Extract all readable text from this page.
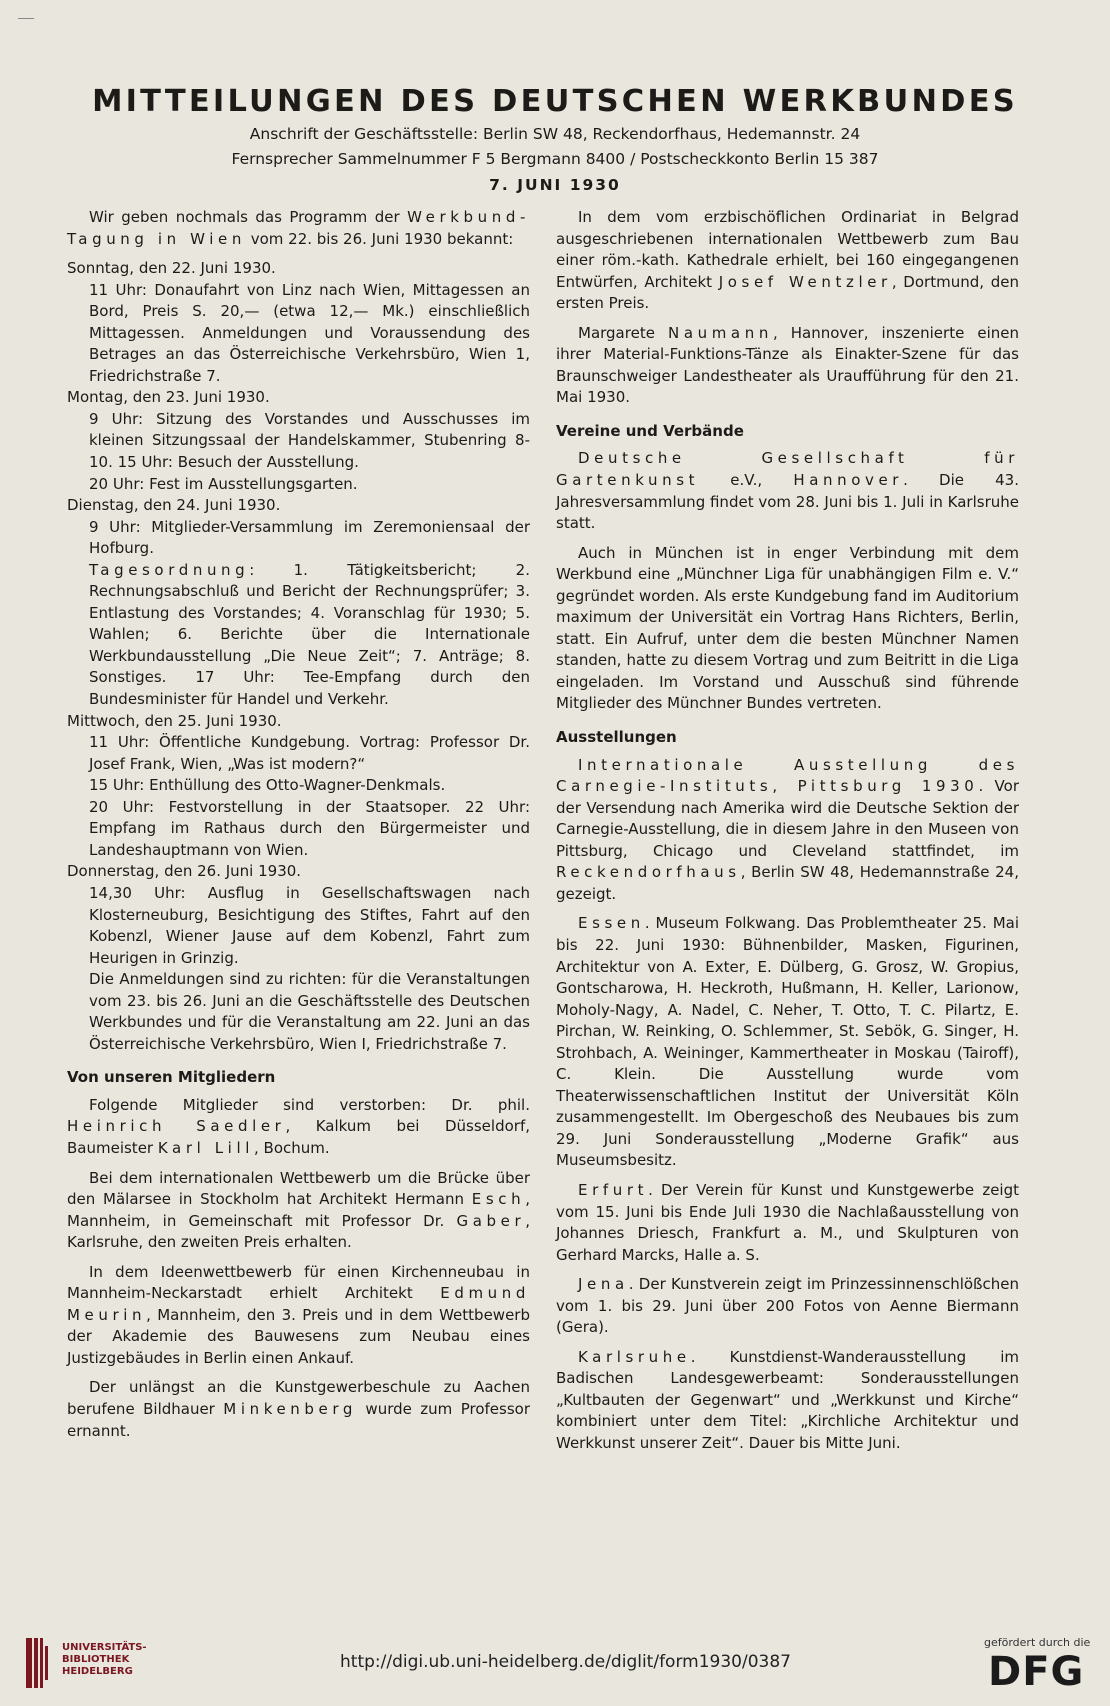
MITTEILUNGEN DES DEUTSCHEN WERKBUNDES
Anschrift der Geschäftsstelle: Berlin SW 48, Reckendorfhaus, Hedemannstr. 24
Fernsprecher Sammelnummer F 5 Bergmann 8400 / Postscheckkonto Berlin 15 387
7. JUNI 1930

Wir geben nochmals das Programm der Werkbund-Tagung in Wien vom 22. bis 26. Juni 1930 bekannt:

Sonntag, den 22. Juni 1930.

11 Uhr: Donaufahrt von Linz nach Wien, Mittagessen an Bord, Preis S. 20,— (etwa 12,— Mk.) einschließlich Mittagessen. Anmeldungen und Voraussendung des Betrages an das Österreichische Verkehrsbüro, Wien 1, Friedrichstraße 7.

Montag, den 23. Juni 1930.

9 Uhr: Sitzung des Vorstandes und Ausschusses im kleinen Sitzungssaal der Handelskammer, Stubenring 8-10. 15 Uhr: Besuch der Ausstellung.

20 Uhr: Fest im Ausstellungsgarten.

Dienstag, den 24. Juni 1930.

9 Uhr: Mitglieder-Versammlung im Zeremoniensaal der Hofburg.

Tagesordnung: 1. Tätigkeitsbericht; 2. Rechnungsabschluß und Bericht der Rechnungsprüfer; 3. Entlastung des Vorstandes; 4. Voranschlag für 1930; 5. Wahlen; 6. Berichte über die Internationale Werkbundausstellung „Die Neue Zeit“; 7. Anträge; 8. Sonstiges. 17 Uhr: Tee-Empfang durch den Bundesminister für Handel und Verkehr.

Mittwoch, den 25. Juni 1930.

11 Uhr: Öffentliche Kundgebung. Vortrag: Professor Dr. Josef Frank, Wien, „Was ist modern?“

15 Uhr: Enthüllung des Otto-Wagner-Denkmals.

20 Uhr: Festvorstellung in der Staatsoper. 22 Uhr: Empfang im Rathaus durch den Bürgermeister und Landeshauptmann von Wien.

Donnerstag, den 26. Juni 1930.

14,30 Uhr: Ausflug in Gesellschaftswagen nach Klosterneuburg, Besichtigung des Stiftes, Fahrt auf den Kobenzl, Wiener Jause auf dem Kobenzl, Fahrt zum Heurigen in Grinzig.

Die Anmeldungen sind zu richten: für die Veranstaltungen vom 23. bis 26. Juni an die Geschäftsstelle des Deutschen Werkbundes und für die Veranstaltung am 22. Juni an das Österreichische Verkehrsbüro, Wien I, Friedrichstraße 7.

Von unseren Mitgliedern

Folgende Mitglieder sind verstorben: Dr. phil. Heinrich Saedler, Kalkum bei Düsseldorf, Baumeister Karl Lill, Bochum.

Bei dem internationalen Wettbewerb um die Brücke über den Mälarsee in Stockholm hat Architekt Hermann Esch, Mannheim, in Gemeinschaft mit Professor Dr. Gaber, Karlsruhe, den zweiten Preis erhalten.

In dem Ideenwettbewerb für einen Kirchenneubau in Mannheim-Neckarstadt erhielt Architekt Edmund Meurin, Mannheim, den 3. Preis und in dem Wettbewerb der Akademie des Bauwesens zum Neubau eines Justizgebäudes in Berlin einen Ankauf.

Der unlängst an die Kunstgewerbeschule zu Aachen berufene Bildhauer Minkenberg wurde zum Professor ernannt.

In dem vom erzbischöflichen Ordinariat in Belgrad ausgeschriebenen internationalen Wettbewerb zum Bau einer röm.-kath. Kathedrale erhielt, bei 160 eingegangenen Entwürfen, Architekt Josef Wentzler, Dortmund, den ersten Preis.

Margarete Naumann, Hannover, inszenierte einen ihrer Material-Funktions-Tänze als Einakter-Szene für das Braunschweiger Landestheater als Uraufführung für den 21. Mai 1930.

Vereine und Verbände

Deutsche Gesellschaft für Gartenkunst e.V., Hannover. Die 43. Jahresversammlung findet vom 28. Juni bis 1. Juli in Karlsruhe statt.

Auch in München ist in enger Verbindung mit dem Werkbund eine „Münchner Liga für unabhängigen Film e. V.“ gegründet worden. Als erste Kundgebung fand im Auditorium maximum der Universität ein Vortrag Hans Richters, Berlin, statt. Ein Aufruf, unter dem die besten Münchner Namen standen, hatte zu diesem Vortrag und zum Beitritt in die Liga eingeladen. Im Vorstand und Ausschuß sind führende Mitglieder des Münchner Bundes vertreten.

Ausstellungen

Internationale Ausstellung des Carnegie-Instituts, Pittsburg 1930. Vor der Versendung nach Amerika wird die Deutsche Sektion der Carnegie-Ausstellung, die in diesem Jahre in den Museen von Pittsburg, Chicago und Cleveland stattfindet, im Reckendorfhaus, Berlin SW 48, Hedemannstraße 24, gezeigt.

Essen. Museum Folkwang. Das Problemtheater 25. Mai bis 22. Juni 1930: Bühnenbilder, Masken, Figurinen, Architektur von A. Exter, E. Dülberg, G. Grosz, W. Gropius, Gontscharowa, H. Heckroth, Hußmann, H. Keller, Larionow, Moholy-Nagy, A. Nadel, C. Neher, T. Otto, T. C. Pilartz, E. Pirchan, W. Reinking, O. Schlemmer, St. Sebök, G. Singer, H. Strohbach, A. Weininger, Kammertheater in Moskau (Tairoff), C. Klein. Die Ausstellung wurde vom Theaterwissenschaftlichen Institut der Universität Köln zusammengestellt. Im Obergeschoß des Neubaues bis zum 29. Juni Sonderausstellung „Moderne Grafik“ aus Museumsbesitz.

Erfurt. Der Verein für Kunst und Kunstgewerbe zeigt vom 15. Juni bis Ende Juli 1930 die Nachlaßausstellung von Johannes Driesch, Frankfurt a. M., und Skulpturen von Gerhard Marcks, Halle a. S.

Jena. Der Kunstverein zeigt im Prinzessinnenschlößchen vom 1. bis 29. Juni über 200 Fotos von Aenne Biermann (Gera).

Karlsruhe. Kunstdienst-Wanderausstellung im Badischen Landesgewerbeamt: Sonderausstellungen „Kultbauten der Gegenwart“ und „Werkkunst und Kirche“ kombiniert unter dem Titel: „Kirchliche Architektur und Werkkunst unserer Zeit“. Dauer bis Mitte Juni.

UNIVERSITÄTS-
BIBLIOTHEK
HEIDELBERG	http://digi.ub.uni-heidelberg.de/diglit/form1930/0387
gefördert durch die
DFG
